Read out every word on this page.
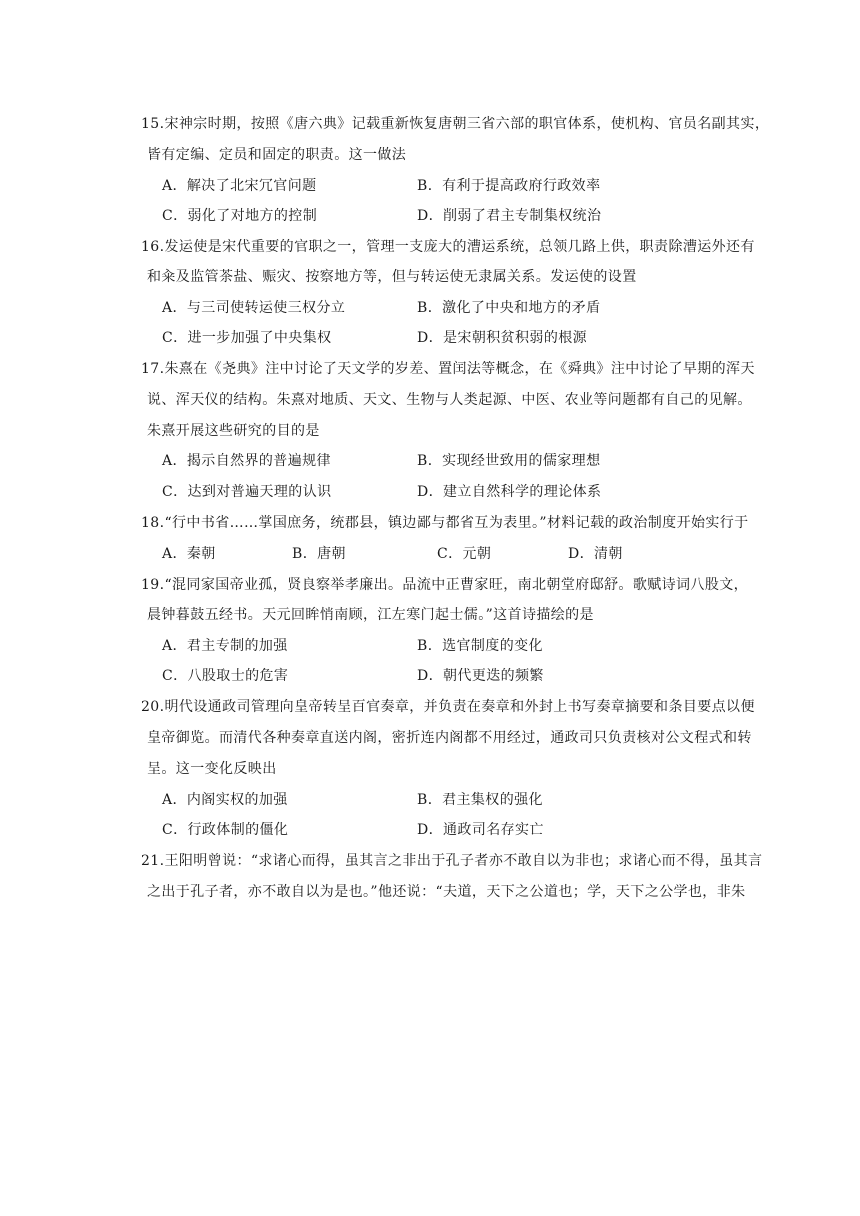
15.宋神宗时期，按照《唐六典》记载重新恢复唐朝三省六部的职官体系，使机构、官员名副其实，
皆有定编、定员和固定的职责。这一做法
A．解决了北宋冗官问题	B．有利于提高政府行政效率
C．弱化了对地方的控制	D．削弱了君主专制集权统治
16.发运使是宋代重要的官职之一，管理一支庞大的漕运系统，总领几路上供，职责除漕运外还有
和籴及监管茶盐、赈灾、按察地方等，但与转运使无隶属关系。发运使的设置
A．与三司使转运使三权分立	B．激化了中央和地方的矛盾
C．进一步加强了中央集权	D．是宋朝积贫积弱的根源
17.朱熹在《尧典》注中讨论了天文学的岁差、置闰法等概念，在《舜典》注中讨论了早期的浑天
说、浑天仪的结构。朱熹对地质、天文、生物与人类起源、中医、农业等问题都有自己的见解。
朱熹开展这些研究的目的是
A．揭示自然界的普遍规律	B．实现经世致用的儒家理想
C．达到对普遍天理的认识	D．建立自然科学的理论体系
18.“行中书省……掌国庶务，统郡县，镇边鄙与都省互为表里。”材料记载的政治制度开始实行于
A．秦朝	B．唐朝	C．元朝	D．清朝
19.“混同家国帝业孤，贤良察举孝廉出。品流中正曹家旺，南北朝堂府邸舒。歌赋诗词八股文，
晨钟暮鼓五经书。天元回眸悄南顾，江左寒门起士儒。”这首诗描绘的是
A．君主专制的加强	B．选官制度的变化
C．八股取士的危害	D．朝代更迭的频繁
20.明代设通政司管理向皇帝转呈百官奏章，并负责在奏章和外封上书写奏章摘要和条目要点以便
皇帝御览。而清代各种奏章直送内阁，密折连内阁都不用经过，通政司只负责核对公文程式和转
呈。这一变化反映出
A．内阁实权的加强	B．君主集权的强化
C．行政体制的僵化	D．通政司名存实亡
21.王阳明曾说：“求诸心而得，虽其言之非出于孔子者亦不敢自以为非也；求诸心而不得，虽其言
之出于孔子者，亦不敢自以为是也。”他还说：“夫道，天下之公道也；学，天下之公学也，非朱
